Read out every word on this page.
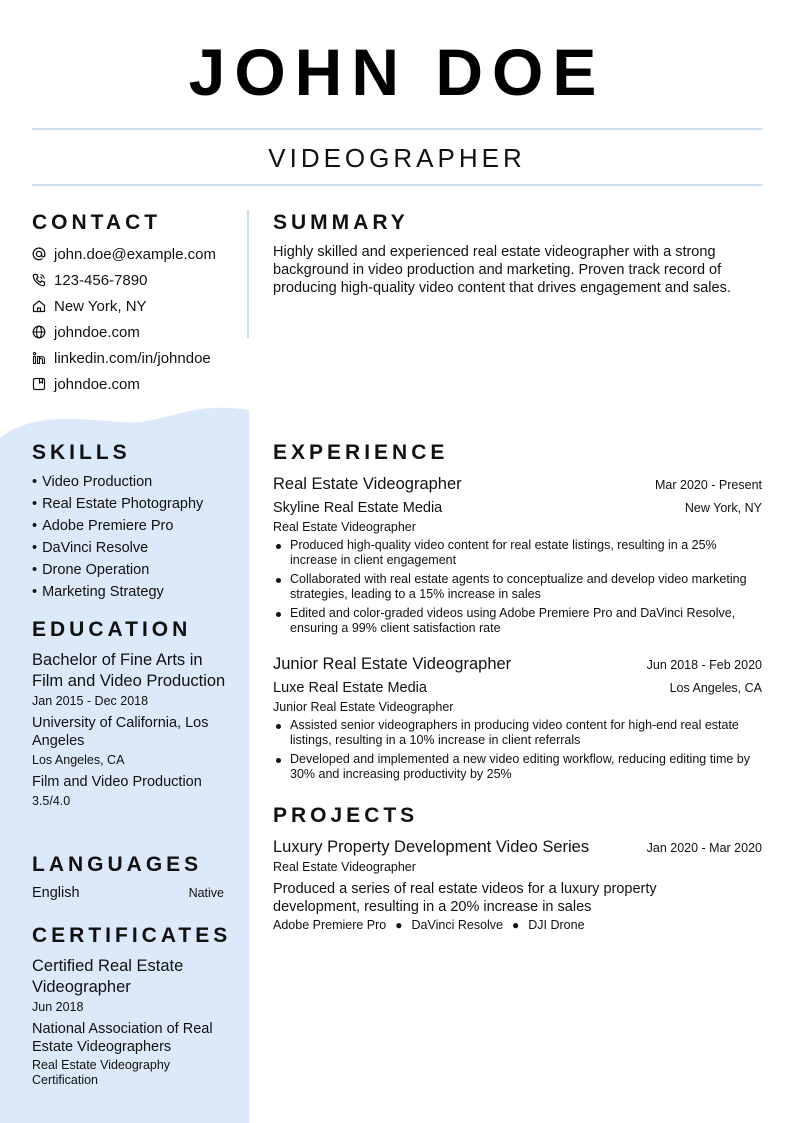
JOHN DOE
VIDEOGRAPHER
CONTACT
john.doe@example.com
123-456-7890
New York, NY
johndoe.com
linkedin.com/in/johndoe
johndoe.com
SUMMARY
Highly skilled and experienced real estate videographer with a strong background in video production and marketing. Proven track record of producing high-quality video content that drives engagement and sales.
SKILLS
• Video Production
• Real Estate Photography
• Adobe Premiere Pro
• DaVinci Resolve
• Drone Operation
• Marketing Strategy
EDUCATION
Bachelor of Fine Arts in Film and Video Production
Jan 2015 - Dec 2018
University of California, Los Angeles
Los Angeles, CA
Film and Video Production
3.5/4.0
LANGUAGES
English	Native
CERTIFICATES
Certified Real Estate Videographer
Jun 2018
National Association of Real Estate Videographers
Real Estate Videography Certification
EXPERIENCE
Real Estate Videographer	Mar 2020 - Present
Skyline Real Estate Media	New York, NY
Real Estate Videographer
Produced high-quality video content for real estate listings, resulting in a 25% increase in client engagement
Collaborated with real estate agents to conceptualize and develop video marketing strategies, leading to a 15% increase in sales
Edited and color-graded videos using Adobe Premiere Pro and DaVinci Resolve, ensuring a 99% client satisfaction rate
Junior Real Estate Videographer	Jun 2018 - Feb 2020
Luxe Real Estate Media	Los Angeles, CA
Junior Real Estate Videographer
Assisted senior videographers in producing video content for high-end real estate listings, resulting in a 10% increase in client referrals
Developed and implemented a new video editing workflow, reducing editing time by 30% and increasing productivity by 25%
PROJECTS
Luxury Property Development Video Series	Jan 2020 - Mar 2020
Real Estate Videographer
Produced a series of real estate videos for a luxury property development, resulting in a 20% increase in sales
Adobe Premiere Pro ● DaVinci Resolve ● DJI Drone
